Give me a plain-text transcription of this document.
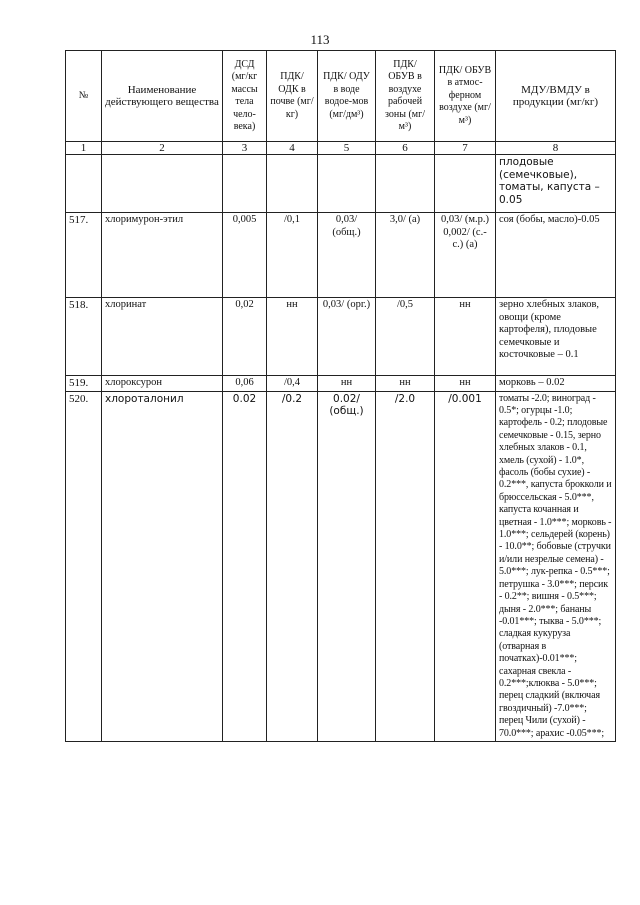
113
№	Наименование действующего вещества	ДСД (мг/кг массы тела чело-века)	ПДК/ ОДК в почве (мг/кг)	ПДК/ ОДУ в воде водое-мов (мг/дм³)	ПДК/ ОБУВ в воздухе рабочей зоны (мг/м³)	ПДК/ ОБУВ в атмос-ферном воздухе (мг/м³)	МДУ/ВМДУ в продукции (мг/кг)
1	2	3	4	5	6	7	8
							плодовые (семечковые), томаты, капуста – 0.05
517.	хлоримурон-этил	0,005	/0,1	0,03/ (общ.)	3,0/ (а)	0,03/ (м.р.) 0,002/ (с.-с.) (а)	соя (бобы, масло)-0.05
518.	хлоринат	0,02	нн	0,03/ (орг.)	/0,5	нн	зерно хлебных злаков, овощи (кроме картофеля), плодовые семечковые и косточковые – 0.1
519.	хлороксурон	0,06	/0,4	нн	нн	нн	морковь – 0.02
520.	хлороталонил	0.02	/0.2	0.02/ (общ.)	/2.0	/0.001	томаты -2.0; виноград - 0.5*; огурцы -1.0; картофель - 0.2; плодовые семечковые - 0.15, зерно хлебных злаков - 0.1, хмель (сухой) - 1.0*, фасоль (бобы сухие) - 0.2***, капуста брокколи и брюссельская - 5.0***, капуста кочанная и цветная - 1.0***; морковь - 1.0***; сельдерей (корень) - 10.0**; бобовые (стручки и/или незрелые семена) - 5.0***; лук-репка - 0.5***; петрушка - 3.0***; персик - 0.2**; вишня - 0.5***; дыня - 2.0***; бананы -0.01***; тыква - 5.0***; сладкая кукуруза (отварная в початках)-0.01***; сахарная свекла - 0.2***;клюква - 5.0***; перец сладкий (включая гвоздичный) -7.0***; перец Чили (сухой) - 70.0***; арахис -0.05***;
